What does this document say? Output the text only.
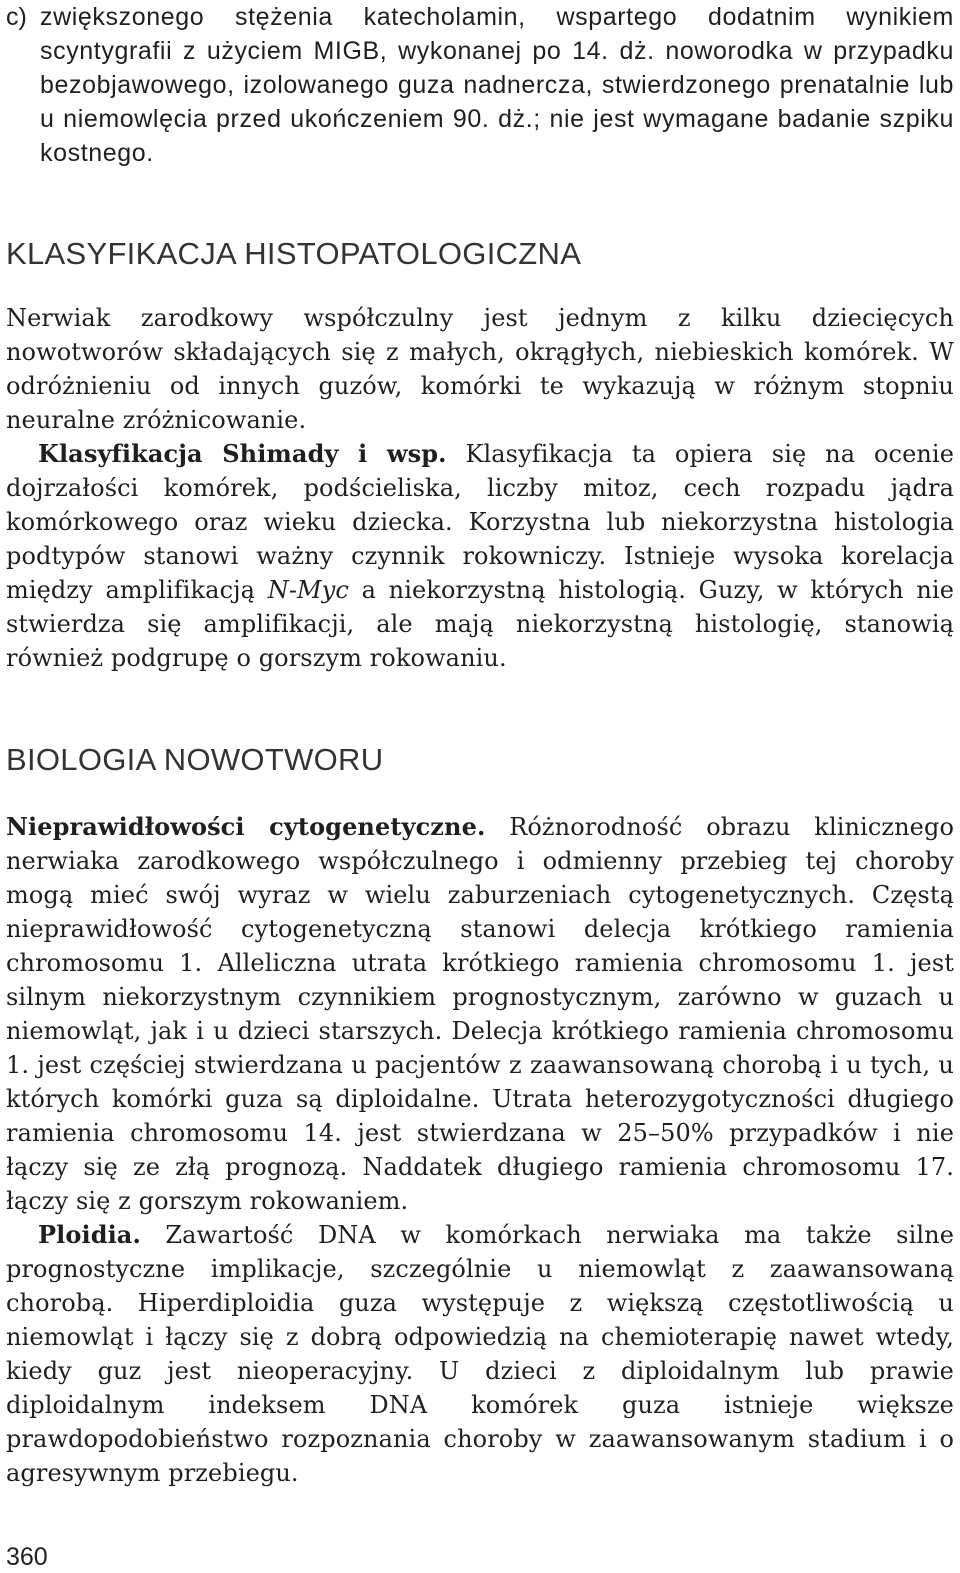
c) zwiększonego stężenia katecholamin, wspartego dodatnim wynikiem scyntygrafii z użyciem MIGB, wykonanej po 14. dż. noworodka w przypadku bezobjawowego, izolowanego guza nadnercza, stwierdzonego prenatalnie lub u niemowlęcia przed ukończeniem 90. dż.; nie jest wymagane badanie szpiku kostnego.
KLASYFIKACJA HISTOPATOLOGICZNA

Nerwiak zarodkowy współczulny jest jednym z kilku dziecięcych nowotworów składających się z małych, okrągłych, niebieskich komórek. W odróżnieniu od innych guzów, komórki te wykazują w różnym stopniu neuralne zróżnicowanie.

Klasyfikacja Shimady i wsp. Klasyfikacja ta opiera się na ocenie dojrzałości komórek, podścieliska, liczby mitoz, cech rozpadu jądra komórkowego oraz wieku dziecka. Korzystna lub niekorzystna histologia podtypów stanowi ważny czynnik rokowniczy. Istnieje wysoka korelacja między amplifikacją N-Myc a niekorzystną histologią. Guzy, w których nie stwierdza się amplifikacji, ale mają niekorzystną histologię, stanowią również podgrupę o gorszym rokowaniu.

BIOLOGIA NOWOTWORU

Nieprawidłowości cytogenetyczne. Różnorodność obrazu klinicznego nerwiaka zarodkowego współczulnego i odmienny przebieg tej choroby mogą mieć swój wyraz w wielu zaburzeniach cytogenetycznych. Częstą nieprawidłowość cytogenetyczną stanowi delecja krótkiego ramienia chromosomu 1. Alleliczna utrata krótkiego ramienia chromosomu 1. jest silnym niekorzystnym czynnikiem prognostycznym, zarówno w guzach u niemowląt, jak i u dzieci starszych. Delecja krótkiego ramienia chromosomu 1. jest częściej stwierdzana u pacjentów z zaawansowaną chorobą i u tych, u których komórki guza są diploidalne. Utrata heterozygotyczności długiego ramienia chromosomu 14. jest stwierdzana w 25–50% przypadków i nie łączy się ze złą prognozą. Naddatek długiego ramienia chromosomu 17. łączy się z gorszym rokowaniem.

Ploidia. Zawartość DNA w komórkach nerwiaka ma także silne prognostyczne implikacje, szczególnie u niemowląt z zaawansowaną chorobą. Hiperdiploidia guza występuje z większą częstotliwością u niemowląt i łączy się z dobrą odpowiedzią na chemioterapię nawet wtedy, kiedy guz jest nieoperacyjny. U dzieci z diploidalnym lub prawie diploidalnym indeksem DNA komórek guza istnieje większe prawdopodobieństwo rozpoznania choroby w zaawansowanym stadium i o agresywnym przebiegu.

360
